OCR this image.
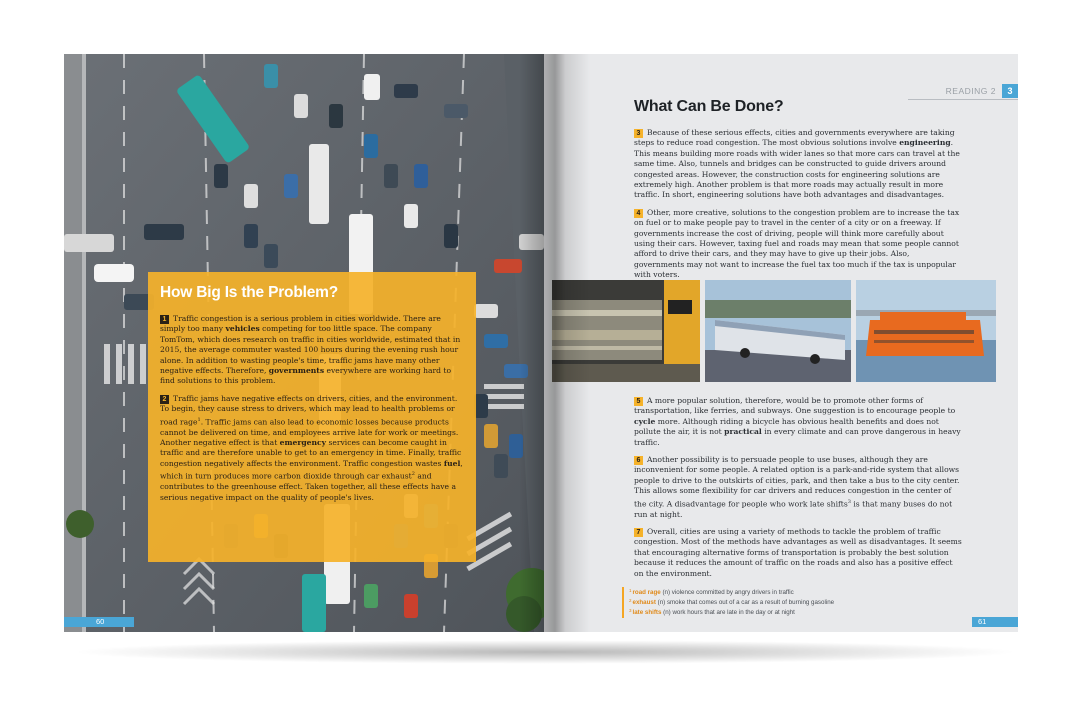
How Big Is the Problem?

1 Traffic congestion is a serious problem in cities worldwide. There are simply too many vehicles competing for too little space. The company TomTom, which does research on traffic in cities worldwide, estimated that in 2015, the average commuter wasted 100 hours during the evening rush hour alone. In addition to wasting people's time, traffic jams have many other negative effects. Therefore, governments everywhere are working hard to find solutions to this problem.

2 Traffic jams have negative effects on drivers, cities, and the environment. To begin, they cause stress to drivers, which may lead to health problems or road rage$^1$. Traffic jams can also lead to economic losses because products cannot be delivered on time, and employees arrive late for work or meetings. Another negative effect is that emergency services can become caught in traffic and are therefore unable to get to an emergency in time. Finally, traffic congestion negatively affects the environment. Traffic congestion wastes fuel, which in turn produces more carbon dioxide through car exhaust$^2$ and contributes to the greenhouse effect. Taken together, all these effects have a serious negative impact on the quality of people's lives.

60
READING 2	3
What Can Be Done?

3 Because of these serious effects, cities and governments everywhere are taking steps to reduce road congestion. The most obvious solutions involve engineering. This means building more roads with wider lanes so that more cars can travel at the same time. Also, tunnels and bridges can be constructed to guide drivers around congested areas. However, the construction costs for engineering solutions are extremely high. Another problem is that more roads may actually result in more traffic. In short, engineering solutions have both advantages and disadvantages.

4 Other, more creative, solutions to the congestion problem are to increase the tax on fuel or to make people pay to travel in the center of a city or on a freeway. If governments increase the cost of driving, people will think more carefully about using their cars. However, taxing fuel and roads may mean that some people cannot afford to drive their cars, and they may have to give up their jobs. Also, governments may not want to increase the fuel tax too much if the tax is unpopular with voters.

5 A more popular solution, therefore, would be to promote other forms of transportation, like ferries, and subways. One suggestion is to encourage people to cycle more. Although riding a bicycle has obvious health benefits and does not pollute the air, it is not practical in every climate and can prove dangerous in heavy traffic.

6 Another possibility is to persuade people to use buses, although they are inconvenient for some people. A related option is a park-and-ride system that allows people to drive to the outskirts of cities, park, and then take a bus to the city center. This allows some flexibility for car drivers and reduces congestion in the center of the city. A disadvantage for people who work late shifts$^3$ is that many buses do not run at night.

7 Overall, cities are using a variety of methods to tackle the problem of traffic congestion. Most of the methods have advantages as well as disadvantages. It seems that encouraging alternative forms of transportation is probably the best solution because it reduces the amount of traffic on the roads and also has a positive effect on the environment.

$^1$road rage (n) violence committed by angry drivers in traffic
$^2$exhaust (n) smoke that comes out of a car as a result of burning gasoline
$^3$late shifts (n) work hours that are late in the day or at night
61
